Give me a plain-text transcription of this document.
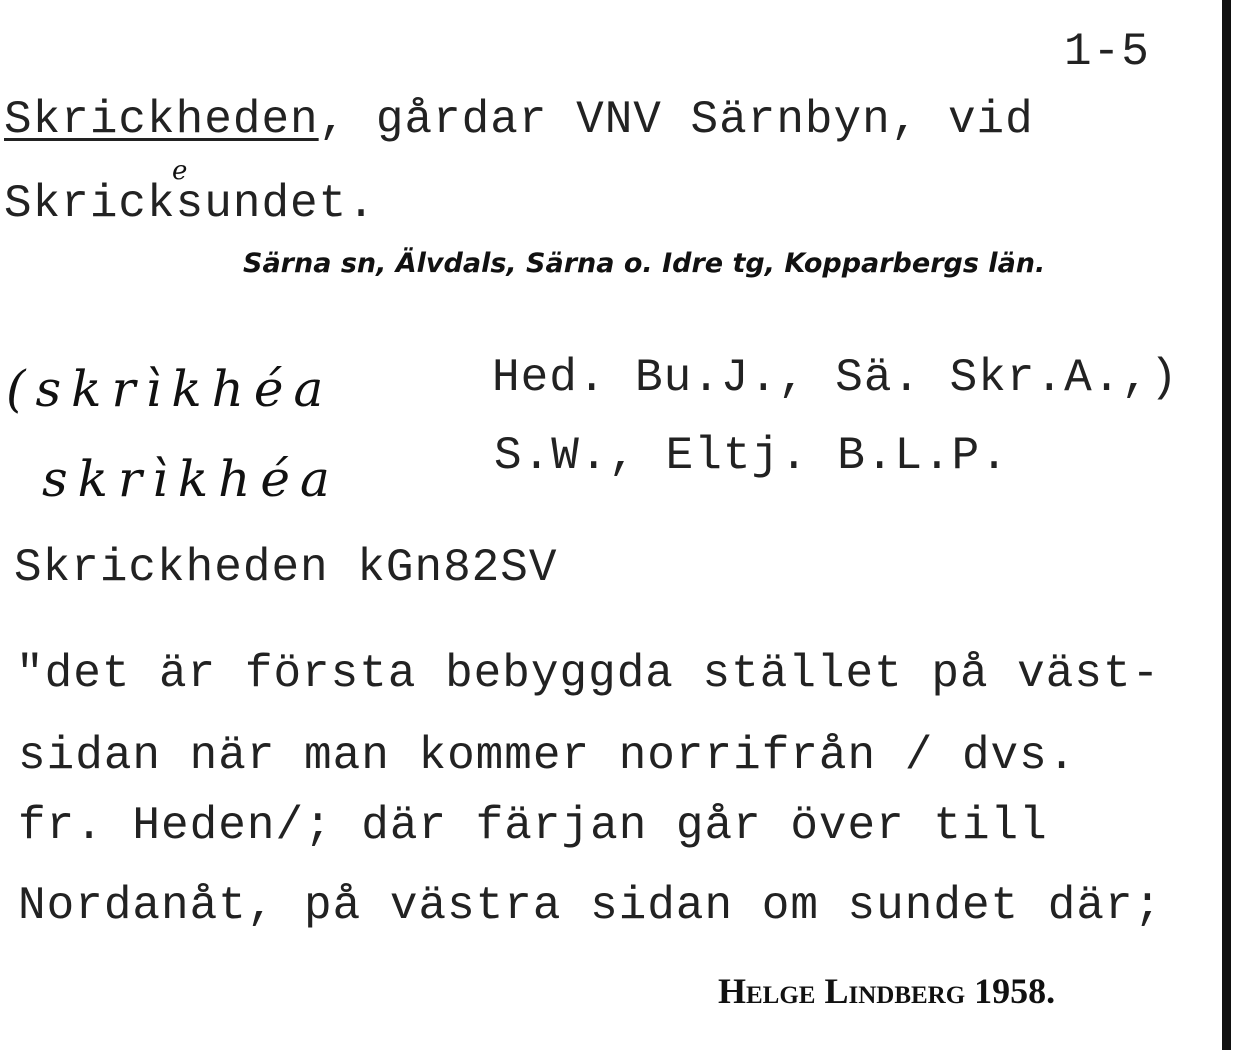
1-5
Skrickheden, gårdar VNV Särnbyn, vid
Skricksundet.
e
Särna sn, Älvdals, Särna o. Idre tg, Kopparbergs län.
(skrìkhéa	Hed. Bu.J., Sä. Skr.A.,)
skrìkhéa	S.W., Eltj. B.L.P.
Skrickheden kGn82SV
"det är första bebyggda stället på väst-
sidan när man kommer norrifrån / dvs.
fr. Heden/; där färjan går över till
Nordanåt, på västra sidan om sundet där;
Helge Lindberg 1958.
